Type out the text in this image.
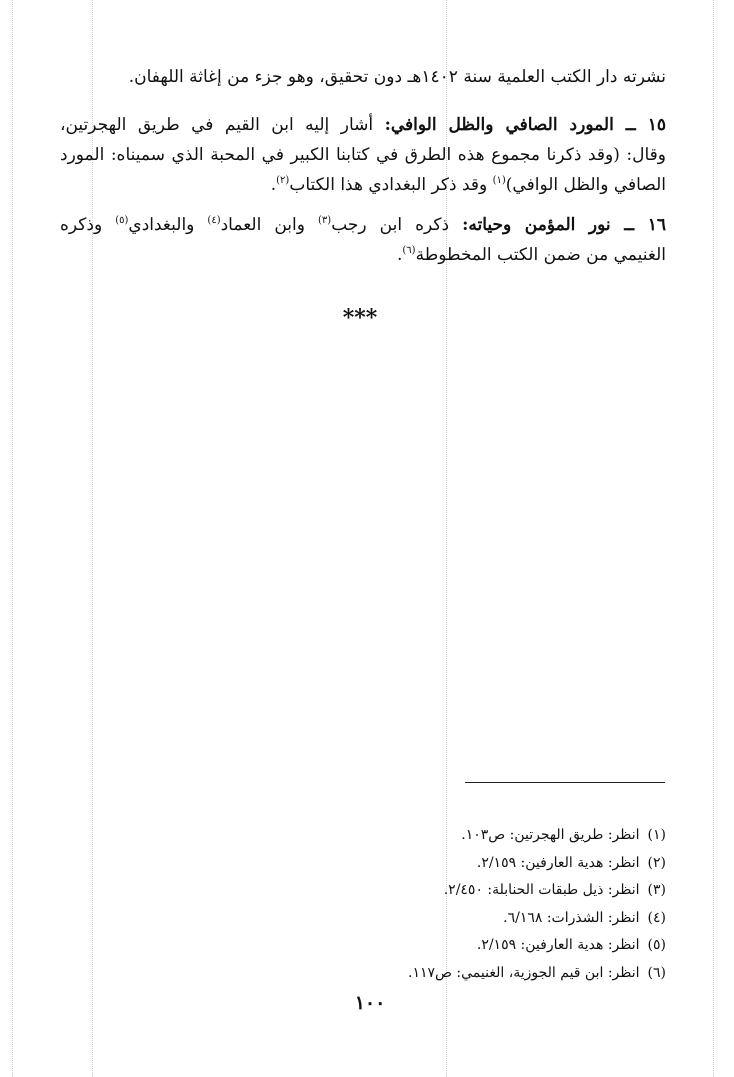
نشرته دار الكتب العلمية سنة ١٤٠٢هـ دون تحقيق، وهو جزء من إغاثة اللهفان.
١٥ ــ المورد الصافي والظل الوافي: أشار إليه ابن القيم في طريق الهجرتين،
وقال: (وقد ذكرنا مجموع هذه الطرق في كتابنا الكبير في المحبة الذي سميناه: المورد
الصافي والظل الوافي)$^{(١)}$ وقد ذكر البغدادي هذا الكتاب$^{(٢)}$.
١٦ ــ نور المؤمن وحياته: ذكره ابن رجب$^{(٣)}$ وابن العماد$^{(٤)}$ والبغدادي$^{(٥)}$ وذكره
الغنيمي من ضمن الكتب المخطوطة$^{(٦)}$.
***
(١) انظر: طريق الهجرتين: ص١٠٣.
(٢) انظر: هدية العارفين: ٢/١٥٩.
(٣) انظر: ذيل طبقات الحنابلة: ٢/٤٥٠.
(٤) انظر: الشذرات: ٦/١٦٨.
(٥) انظر: هدية العارفين: ٢/١٥٩.
(٦) انظر: ابن قيم الجوزية، الغنيمي: ص١١٧.
١٠٠
